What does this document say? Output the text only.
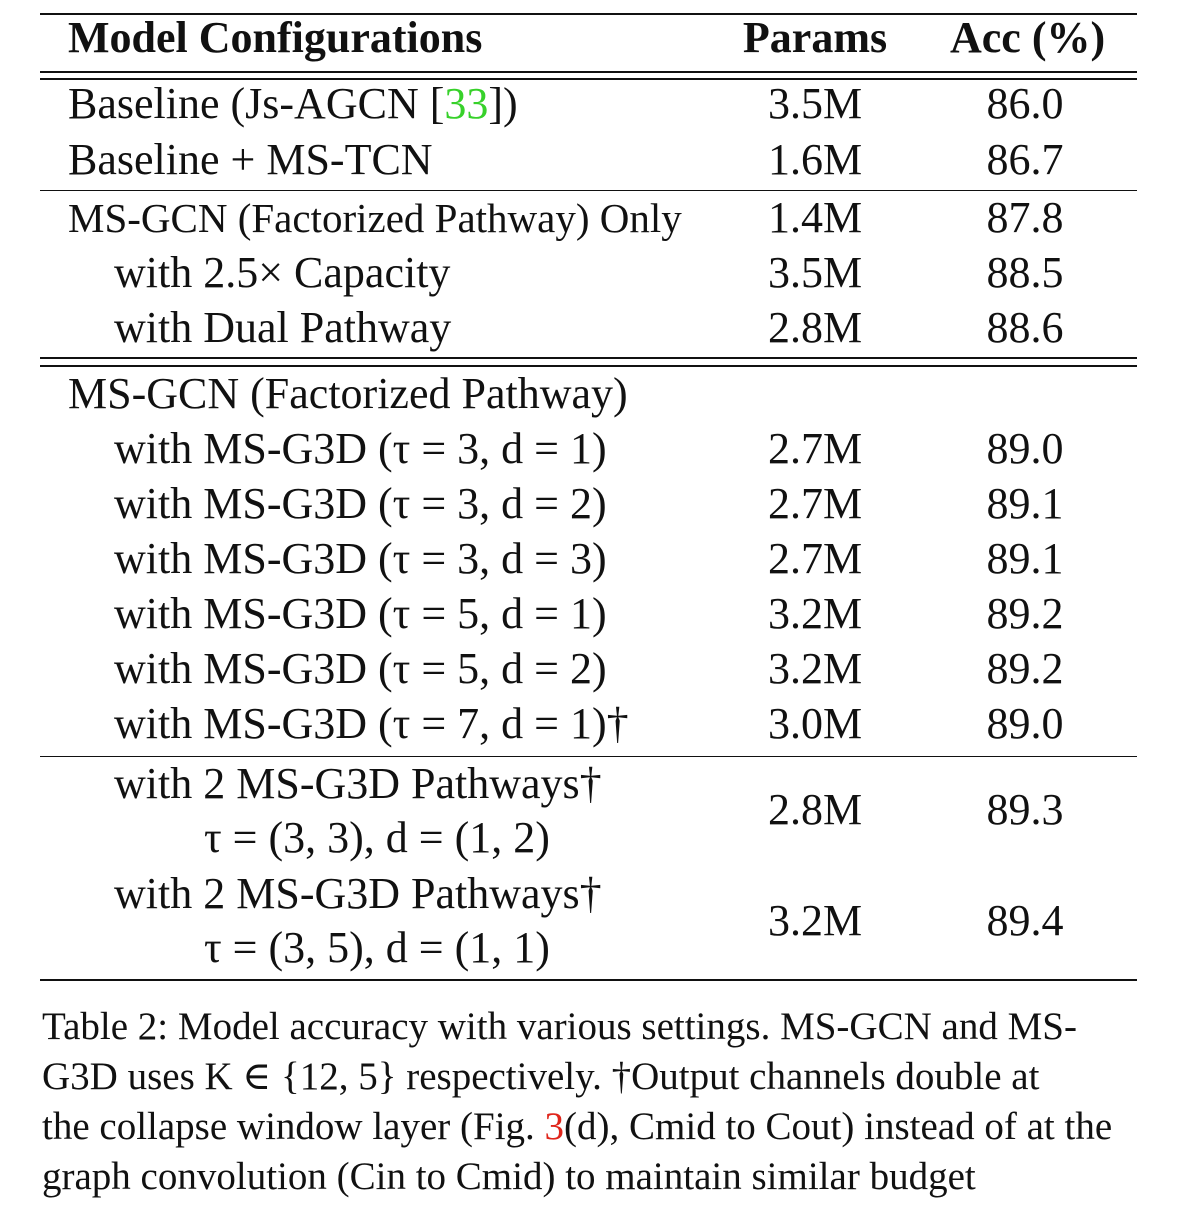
Model Configurations	Params Acc (%)
Baseline (Js-AGCN [33])	3.5M	86.0
Baseline + MS-TCN	1.6M	86.7
MS-GCN (Factorized Pathway) Only	1.4M	87.8
with 2.5× Capacity	3.5M	88.5
with Dual Pathway	2.8M	88.6
MS-GCN (Factorized Pathway)
with MS-G3D (τ = 3, d = 1)	2.7M	89.0
with MS-G3D (τ = 3, d = 2)	2.7M	89.1
with MS-G3D (τ = 3, d = 3)	2.7M	89.1
with MS-G3D (τ = 5, d = 1)	3.2M	89.2
with MS-G3D (τ = 5, d = 2)	3.2M	89.2
with MS-G3D (τ = 7, d = 1)†	3.0M	89.0
with 2 MS-G3D Pathways†
τ = (3, 3), d = (1, 2)
2.8M	89.3
with 2 MS-G3D Pathways†
τ = (3, 5), d = (1, 1)
3.2M	89.4
Table 2: Model accuracy with various settings. MS-GCN and MS-
G3D uses K ∈ {12, 5} respectively. †Output channels double at
the collapse window layer (Fig. 3(d), Cmid to Cout) instead of at the
graph convolution (Cin to Cmid) to maintain similar budget
